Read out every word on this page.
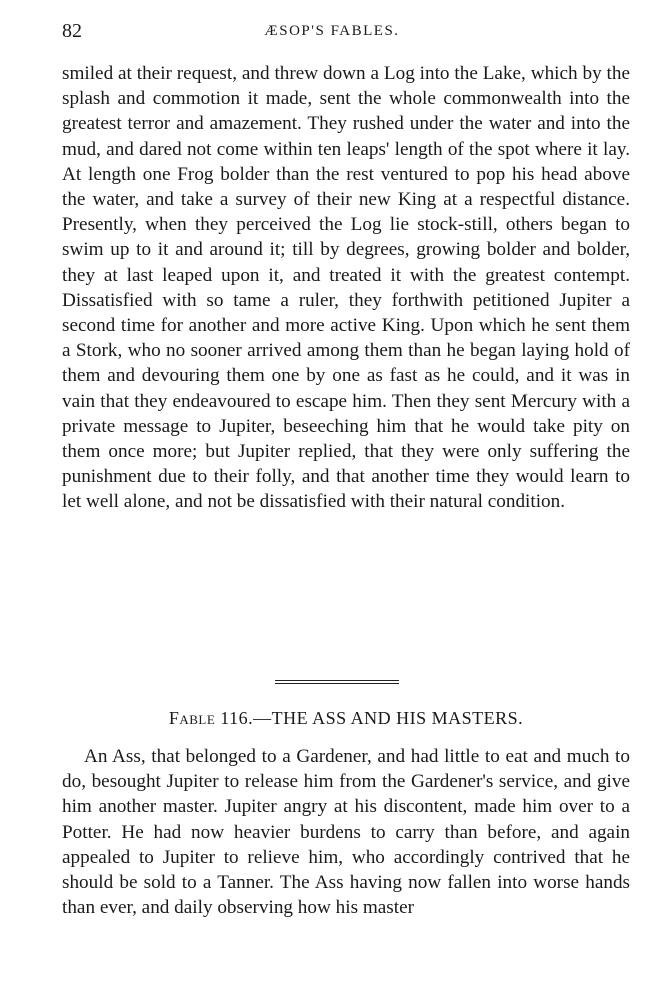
82	ÆSOP'S FABLES.

smiled at their request, and threw down a Log into the Lake, which by the splash and commotion it made, sent the whole commonwealth into the greatest terror and amazement. They rushed under the water and into the mud, and dared not come within ten leaps' length of the spot where it lay. At length one Frog bolder than the rest ventured to pop his head above the water, and take a survey of their new King at a respectful distance. Presently, when they perceived the Log lie stock-still, others began to swim up to it and around it; till by degrees, growing bolder and bolder, they at last leaped upon it, and treated it with the greatest contempt. Dissatisfied with so tame a ruler, they forthwith petitioned Jupiter a second time for another and more active King. Upon which he sent them a Stork, who no sooner arrived among them than he began laying hold of them and devouring them one by one as fast as he could, and it was in vain that they endeavoured to escape him. Then they sent Mercury with a private message to Jupiter, beseeching him that he would take pity on them once more; but Jupiter replied, that they were only suffering the punishment due to their folly, and that another time they would learn to let well alone, and not be dissatisfied with their natural condition.

Fable 116.—THE ASS AND HIS MASTERS.

An Ass, that belonged to a Gardener, and had little to eat and much to do, besought Jupiter to release him from the Gardener's service, and give him another master. Jupiter angry at his discontent, made him over to a Potter. He had now heavier burdens to carry than before, and again appealed to Jupiter to relieve him, who accordingly contrived that he should be sold to a Tanner. The Ass having now fallen into worse hands than ever, and daily observing how his master
